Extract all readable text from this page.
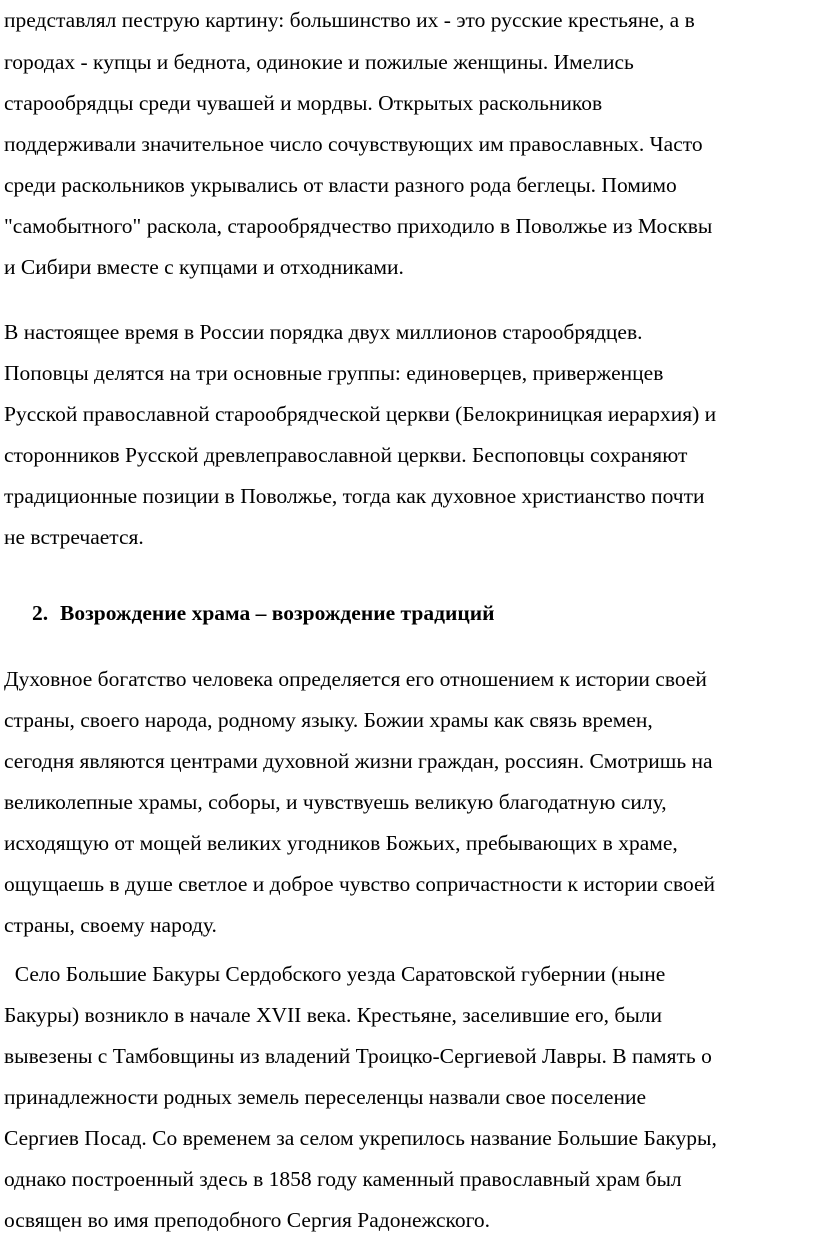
представлял пеструю картину: большинство их - это русские крестьяне, а в
городах - купцы и беднота, одинокие и пожилые женщины. Имелись
старообрядцы среди чувашей и мордвы. Открытых раскольников
поддерживали значительное число сочувствующих им православных. Часто
среди раскольников укрывались от власти разного рода беглецы. Помимо
"самобытного" раскола, старообрядчество приходило в Поволжье из Москвы
и Сибири вместе с купцами и отходниками.
В настоящее время в России порядка двух миллионов старообрядцев.
Поповцы делятся на три основные группы: единоверцев, приверженцев
Русской православной старообрядческой церкви (Белокриницкая иерархия) и
сторонников Русской древлеправославной церкви. Беспоповцы сохраняют
традиционные позиции в Поволжье, тогда как духовное христианство почти
не встречается.
2. Возрождение храма – возрождение традиций
Духовное богатство человека определяется его отношением к истории своей
страны, своего народа, родному языку. Божии храмы как связь времен,
сегодня являются центрами духовной жизни граждан, россиян. Смотришь на
великолепные храмы, соборы, и чувствуешь великую благодатную силу,
исходящую от мощей великих угодников Божьих, пребывающих в храме,
ощущаешь в душе светлое и доброе чувство сопричастности к истории своей
страны, своему народу.
Село Большие Бакуры Сердобского уезда Саратовской губернии (ныне
Бакуры) возникло в начале XVII века. Крестьяне, заселившие его, были
вывезены с Тамбовщины из владений Троицко-Сергиевой Лавры. В память о
принадлежности родных земель переселенцы назвали свое поселение
Сергиев Посад. Со временем за селом укрепилось название Большие Бакуры,
однако построенный здесь в 1858 году каменный православный храм был
освящен во имя преподобного Сергия Радонежского.
